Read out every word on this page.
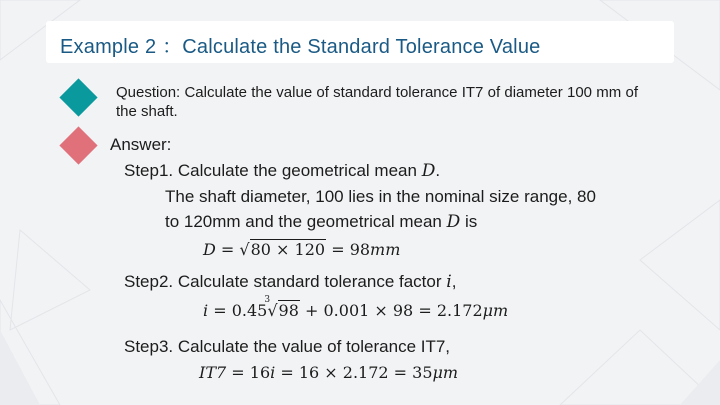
Example 2 ：Calculate the Standard Tolerance Value

Question: Calculate the value of standard tolerance IT7 of diameter 100 mm of the shaft.

Answer:
Step1. Calculate the geometrical mean D.
The shaft diameter, 100 lies in the nominal size range, 80
to 120mm and the geometrical mean D is
D = √80 × 120 = 98mm
Step2. Calculate standard tolerance factor i,
i = 0.45
3
√98 + 0.001 × 98 = 2.172μm
Step3. Calculate the value of tolerance IT7,
IT7 = 16i = 16 × 2.172 = 35μm
